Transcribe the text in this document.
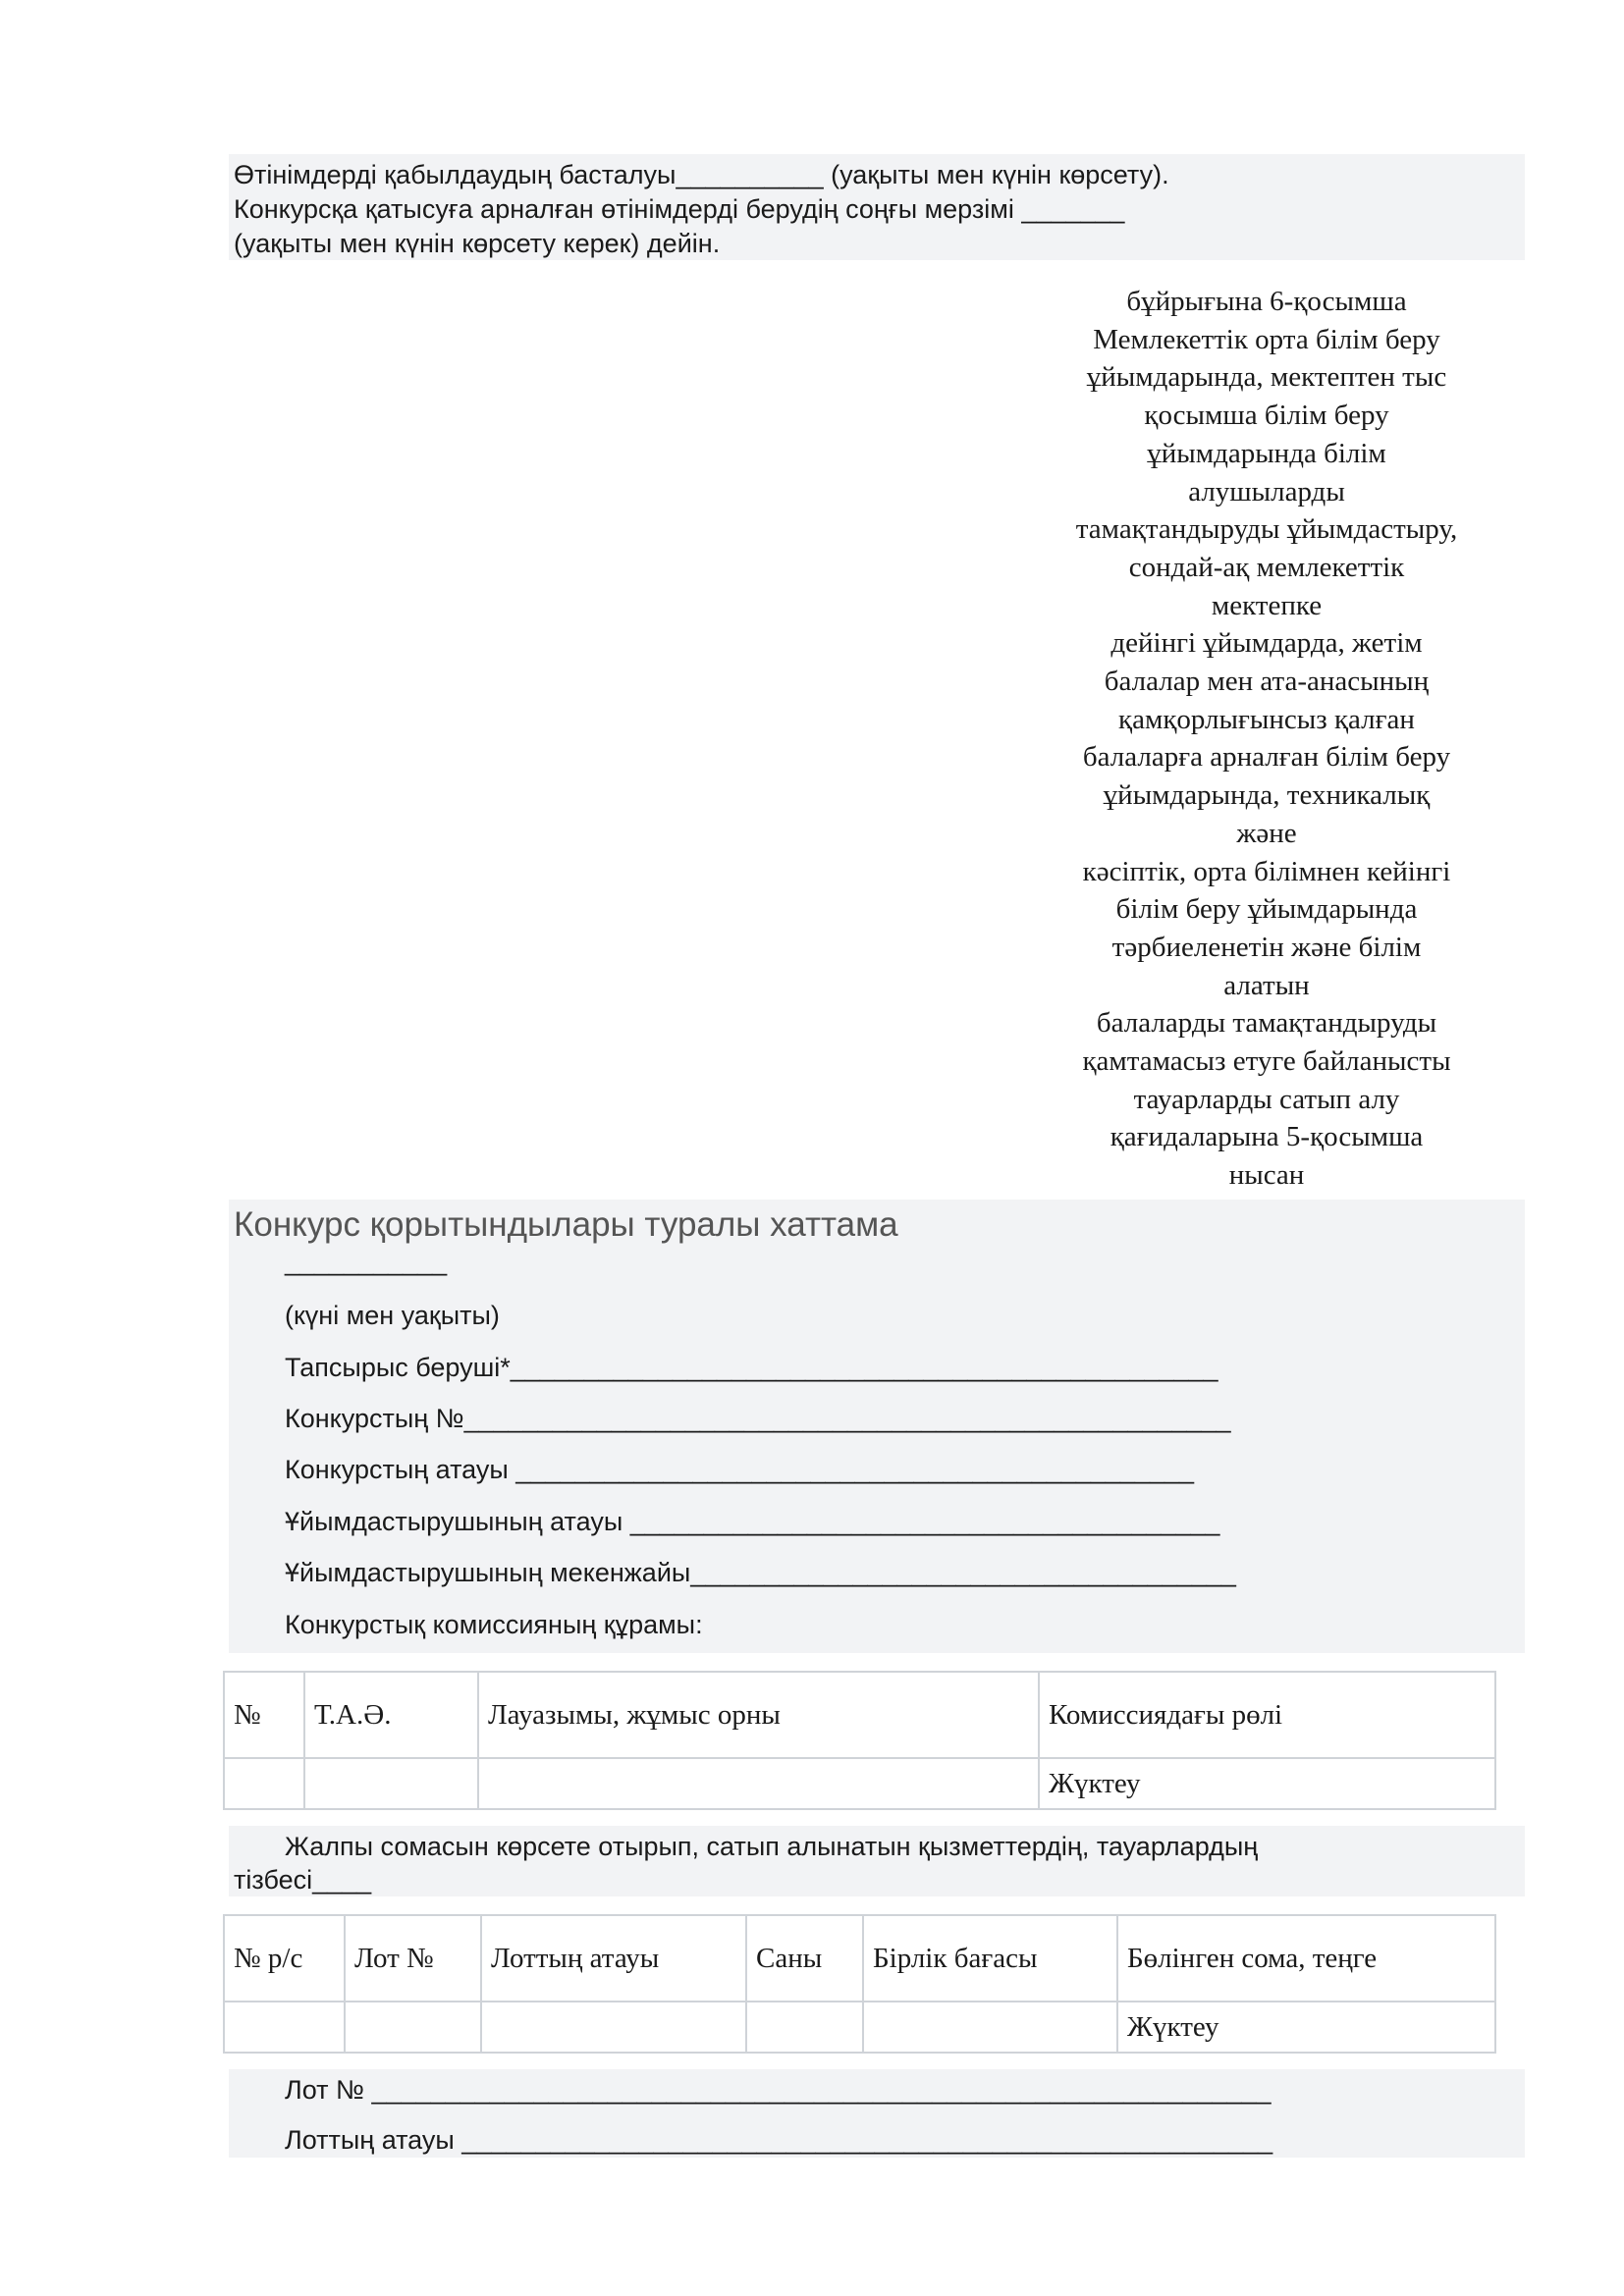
Өтінімдерді қабылдаудың басталуы__________ (уақыты мен күнін көрсету).
Конкурсқа қатысуға арналған өтінімдерді берудің соңғы мерзімі _______
(уақыты мен күнін көрсету керек) дейін.
бұйрығына 6-қосымша
Мемлекеттік орта білім беру
ұйымдарында, мектептен тыс
қосымша білім беру
ұйымдарында білім
алушыларды
тамақтандыруды ұйымдастыру,
сондай-ақ мемлекеттік
мектепке
дейінгі ұйымдарда, жетім
балалар мен ата-анасының
қамқорлығынсыз қалған
балаларға арналған білім беру
ұйымдарында, техникалық
және
кәсіптік, орта білімнен кейінгі
білім беру ұйымдарында
тәрбиеленетін және білім
алатын
балаларды тамақтандыруды
қамтамасыз етуге байланысты
тауарларды сатып алу
қағидаларына 5-қосымша
нысан
Конкурс қорытындылары туралы хаттама
___________
(күні мен уақыты)
Тапсырыс беруші*________________________________________________
Конкурстың №____________________________________________________
Конкурстың атауы ______________________________________________
Ұйымдастырушының атауы ________________________________________
Ұйымдастырушының мекенжайы_____________________________________
Конкурстық комиссияның құрамы:
№	Т.А.Ә.	Лауазымы, жұмыс орны	Комиссиядағы рөлі
			Жүктеу
Жалпы сомасын көрсете отырып, сатып алынатын қызметтердің, тауарлардың
тізбесі____
№ р/с	Лот №	Лоттың атауы	Саны	Бірлік бағасы	Бөлінген сома, теңге
					Жүктеу
Лот № _____________________________________________________________
Лоттың атауы _______________________________________________________
